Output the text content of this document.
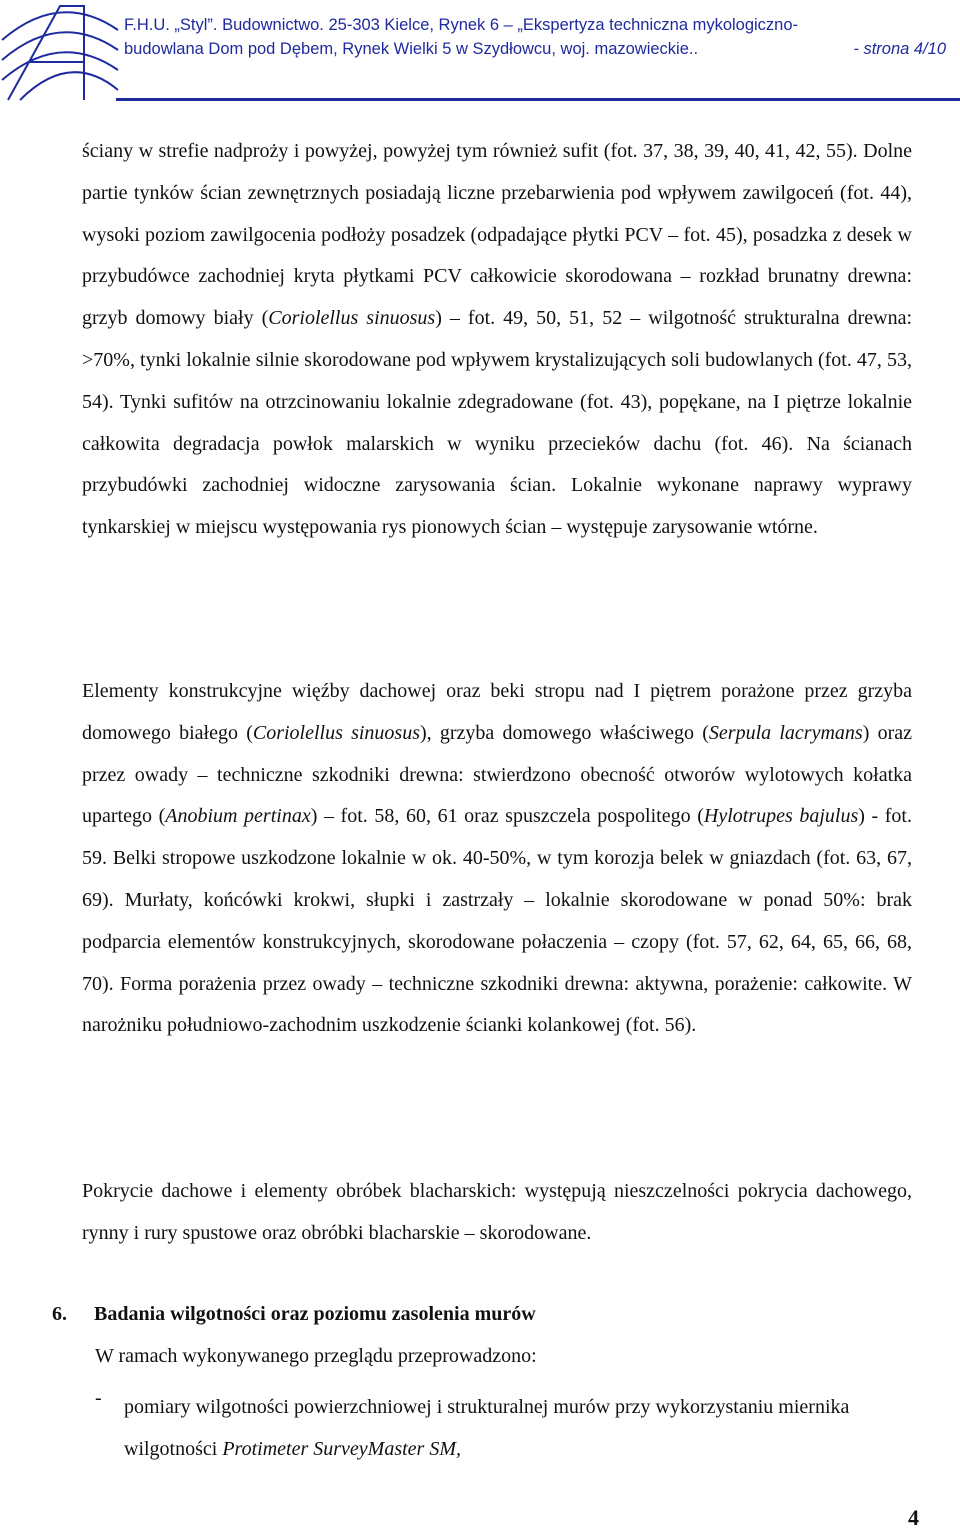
F.H.U. „Styl”. Budownictwo. 25-303 Kielce, Rynek 6 – „Ekspertyza techniczna mykologiczno-
budowlana Dom pod Dębem, Rynek Wielki 5 w Szydłowcu, woj. mazowieckie..	- strona 4/10

ściany w strefie nadproży i powyżej, powyżej tym również sufit (fot. 37, 38, 39, 40, 41, 42, 55). Dolne partie tynków ścian zewnętrznych posiadają liczne przebarwienia pod wpływem zawilgoceń (fot. 44), wysoki poziom zawilgocenia podłoży posadzek (odpadające płytki PCV – fot. 45), posadzka z desek w przybudówce zachodniej kryta płytkami PCV całkowicie skorodowana – rozkład brunatny drewna: grzyb domowy biały (Coriolellus sinuosus) – fot. 49, 50, 51, 52 – wilgotność strukturalna drewna: >70%, tynki lokalnie silnie skorodowane pod wpływem krystalizujących soli budowlanych (fot. 47, 53, 54). Tynki sufitów na otrzcinowaniu lokalnie zdegradowane (fot. 43), popękane, na I piętrze lokalnie całkowita degradacja powłok malarskich w wyniku przecieków dachu (fot. 46). Na ścianach przybudówki zachodniej widoczne zarysowania ścian. Lokalnie wykonane naprawy wyprawy tynkarskiej w miejscu występowania rys pionowych ścian – występuje zarysowanie wtórne.

Elementy konstrukcyjne więźby dachowej oraz beki stropu nad I piętrem porażone przez grzyba domowego białego (Coriolellus sinuosus), grzyba domowego właściwego (Serpula lacrymans) oraz przez owady – techniczne szkodniki drewna: stwierdzono obecność otworów wylotowych kołatka upartego (Anobium pertinax) – fot. 58, 60, 61 oraz spuszczela pospolitego (Hylotrupes bajulus) - fot. 59. Belki stropowe uszkodzone lokalnie w ok. 40-50%, w tym korozja belek w gniazdach (fot. 63, 67, 69). Murłaty, końcówki krokwi, słupki i zastrzały – lokalnie skorodowane w ponad 50%: brak podparcia elementów konstrukcyjnych, skorodowane połaczenia – czopy (fot. 57, 62, 64, 65, 66, 68, 70). Forma porażenia przez owady – techniczne szkodniki drewna: aktywna, porażenie: całkowite. W narożniku południowo-zachodnim uszkodzenie ścianki kolankowej (fot. 56).

Pokrycie dachowe i elementy obróbek blacharskich: występują nieszczelności pokrycia dachowego, rynny i rury spustowe oraz obróbki blacharskie – skorodowane.

6. Badania wilgotności oraz poziomu zasolenia murów
W ramach wykonywanego przeglądu przeprowadzono:
- pomiary wilgotności powierzchniowej i strukturalnej murów przy wykorzystaniu miernika wilgotności Protimeter SurveyMaster SM,

4
